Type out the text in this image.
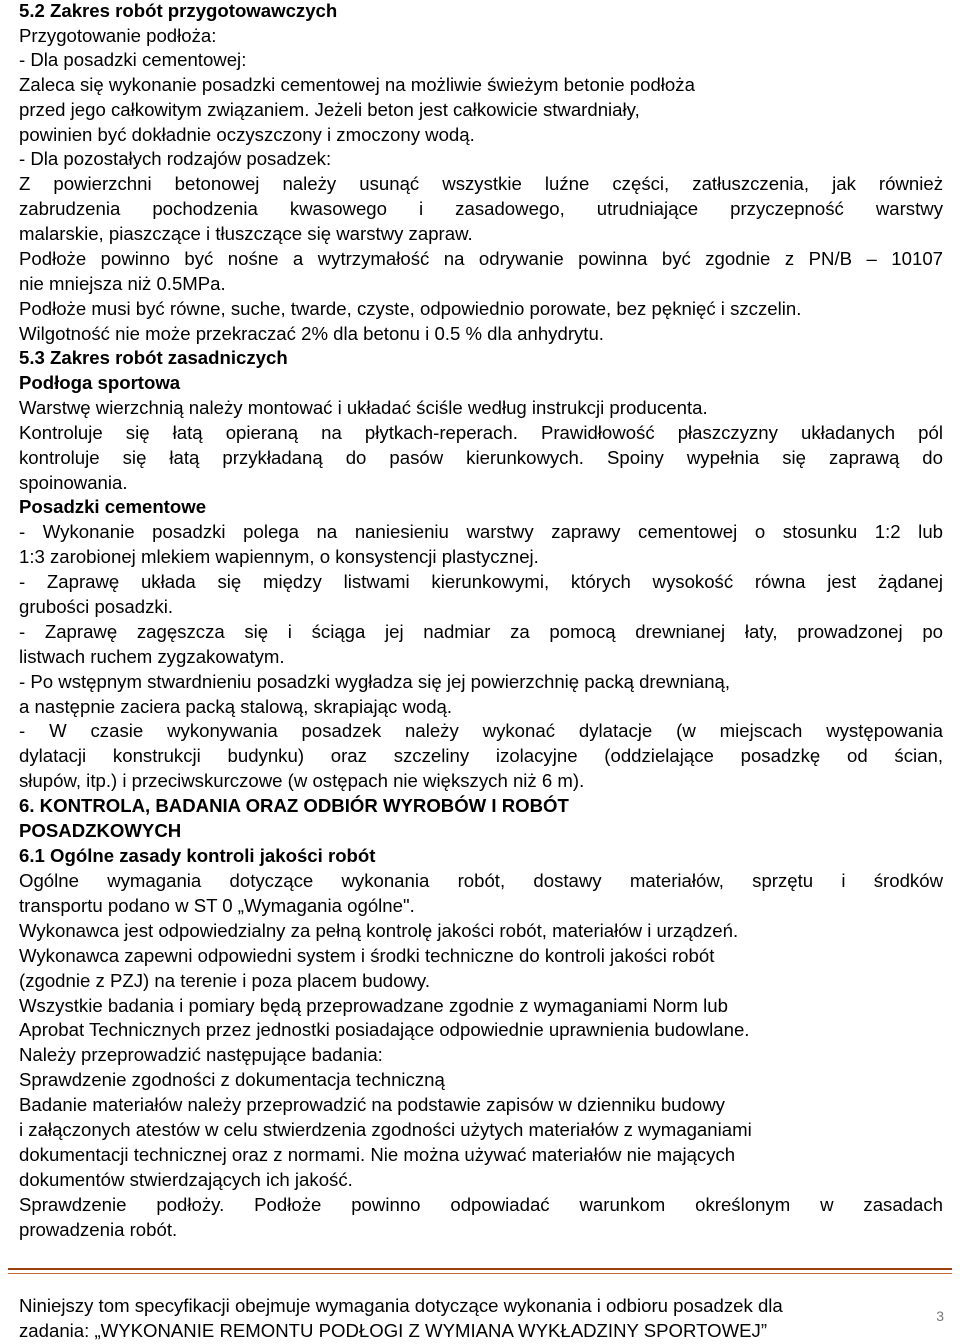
5.2 Zakres robót przygotowawczych
Przygotowanie podłoża:
- Dla posadzki cementowej:
Zaleca się wykonanie posadzki cementowej na możliwie świeżym betonie podłoża
przed jego całkowitym związaniem. Jeżeli beton jest całkowicie stwardniały,
powinien być dokładnie oczyszczony i zmoczony wodą.
- Dla pozostałych rodzajów posadzek:
Z powierzchni betonowej należy usunąć wszystkie luźne części, zatłuszczenia, jak również
zabrudzenia pochodzenia kwasowego i zasadowego, utrudniające przyczepność warstwy
malarskie, piaszczące i tłuszczące się warstwy zapraw.
Podłoże powinno być nośne a wytrzymałość na odrywanie powinna być zgodnie z PN/B – 10107
nie mniejsza niż 0.5MPa.
Podłoże musi być równe, suche, twarde, czyste, odpowiednio porowate, bez pęknięć i szczelin.
Wilgotność nie może przekraczać 2% dla betonu i 0.5 % dla anhydrytu.
5.3 Zakres robót zasadniczych
Podłoga sportowa
Warstwę wierzchnią należy montować i układać ściśle według instrukcji producenta.
Kontroluje się łatą opieraną na płytkach-reperach. Prawidłowość płaszczyzny układanych pól
kontroluje się łatą przykładaną do pasów kierunkowych. Spoiny wypełnia się zaprawą do
spoinowania.
Posadzki cementowe
- Wykonanie posadzki polega na naniesieniu warstwy zaprawy cementowej o stosunku 1:2 lub
1:3 zarobionej mlekiem wapiennym, o konsystencji plastycznej.
- Zaprawę układa się między listwami kierunkowymi, których wysokość równa jest żądanej
grubości posadzki.
- Zaprawę zagęszcza się i ściąga jej nadmiar za pomocą drewnianej łaty, prowadzonej po
listwach ruchem zygzakowatym.
- Po wstępnym stwardnieniu posadzki wygładza się jej powierzchnię packą drewnianą,
a następnie zaciera packą stalową, skrapiając wodą.
- W czasie wykonywania posadzek należy wykonać dylatacje (w miejscach występowania
dylatacji konstrukcji budynku) oraz szczeliny izolacyjne (oddzielające posadzkę od ścian,
słupów, itp.) i przeciwskurczowe (w ostępach nie większych niż 6 m).
6. KONTROLA, BADANIA ORAZ ODBIÓR WYROBÓW I ROBÓT
POSADZKOWYCH
6.1 Ogólne zasady kontroli jakości robót
Ogólne wymagania dotyczące wykonania robót, dostawy materiałów, sprzętu i środków
transportu podano w ST 0 „Wymagania ogólne".
Wykonawca jest odpowiedzialny za pełną kontrolę jakości robót, materiałów i urządzeń.
Wykonawca zapewni odpowiedni system i środki techniczne do kontroli jakości robót
(zgodnie z PZJ) na terenie i poza placem budowy.
Wszystkie badania i pomiary będą przeprowadzane zgodnie z wymaganiami Norm lub
Aprobat Technicznych przez jednostki posiadające odpowiednie uprawnienia budowlane.
Należy przeprowadzić następujące badania:
Sprawdzenie zgodności z dokumentacja techniczną
Badanie materiałów należy przeprowadzić na podstawie zapisów w dzienniku budowy
i załączonych atestów w celu stwierdzenia zgodności użytych materiałów z wymaganiami
dokumentacji technicznej oraz z normami. Nie można używać materiałów nie mających
dokumentów stwierdzających ich jakość.
Sprawdzenie podłoży. Podłoże powinno odpowiadać warunkom określonym w zasadach
prowadzenia robót.
Niniejszy tom specyfikacji obejmuje wymagania dotyczące wykonania i odbioru posadzek dla
zadania: „WYKONANIE REMONTU PODŁOGI Z WYMIANA WYKŁADZINY SPORTOWEJ”
3
